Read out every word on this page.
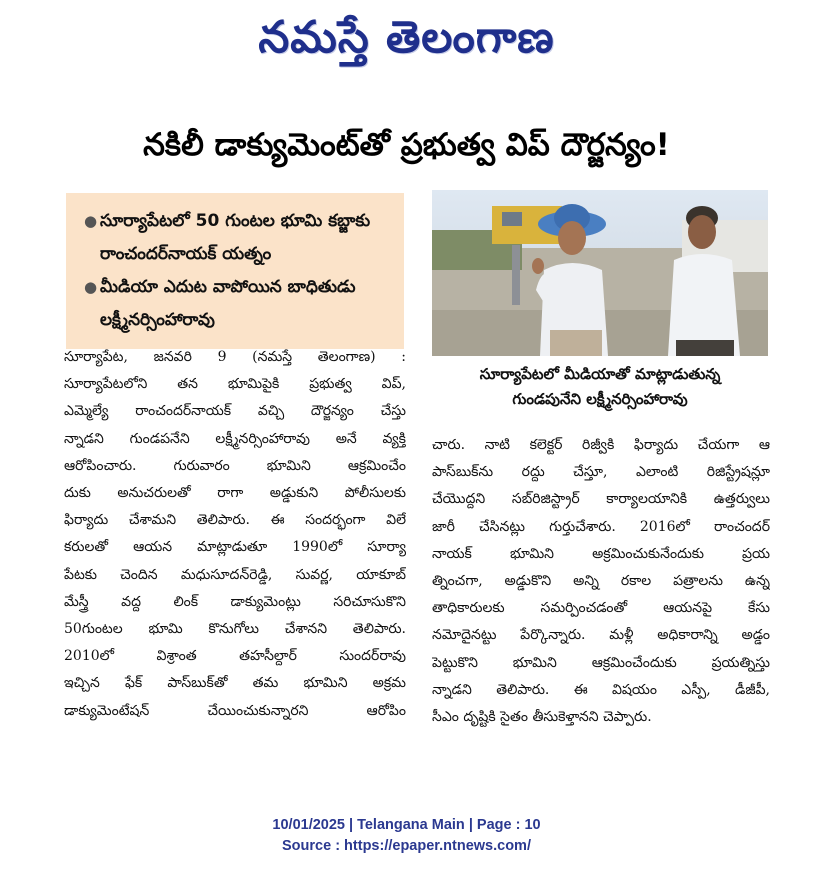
నమస్తే తెలంగాణ
నకిలీ డాక్యుమెంట్‌తో ప్రభుత్వ విప్ దౌర్జన్యం!
● సూర్యాపేటలో 50 గుంటల భూమి కబ్జాకు రాంచందర్‌నాయక్ యత్నం
● మీడియా ఎదుట వాపోయిన బాధితుడు లక్ష్మీనర్సింహారావు
సూర్యాపేటలో మీడియాతో మాట్లాడుతున్న
గుండపునేని లక్ష్మీనర్సింహారావు
సూర్యాపేట, జనవరి 9 (నమస్తే తెలంగాణ) :
సూర్యాపేటలోని తన భూమిపైకి ప్రభుత్వ విప్,
ఎమ్మెల్యే రాంచందర్‌నాయక్ వచ్చి దౌర్జన్యం చేస్తు
న్నాడని గుండపనేని లక్ష్మీనర్సింహారావు అనే వ్యక్తి
ఆరోపించారు. గురువారం భూమిని ఆక్రమించేం
దుకు అనుచరులతో రాగా అడ్డుకుని పోలీసులకు
ఫిర్యాదు చేశామని తెలిపారు. ఈ సందర్భంగా విలే
కరులతో ఆయన మాట్లాడుతూ 1990లో సూర్యా
పేటకు చెందిన మధుసూదన్‌రెడ్డి, సువర్ణ, యాకూబ్
మేస్త్రీ వద్ద లింక్ డాక్యుమెంట్లు సరిచూసుకొని
50గుంటల భూమి కొనుగోలు చేశానని తెలిపారు.
2010లో విశ్రాంత తహసీల్దార్ సుందర్‌రావు
ఇచ్చిన ఫేక్ పాస్‌బుక్‌తో తమ భూమిని అక్రమ
డాక్యుమెంటేషన్ చేయించుకున్నారని ఆరోపిం
చారు. నాటి కలెక్టర్ రిజ్వీకి ఫిర్యాదు చేయగా ఆ
పాస్‌బుక్‌ను రద్దు చేస్తూ, ఎలాంటి రిజిస్ట్రేషన్లూ
చేయొద్దని సబ్‌రిజిస్ట్రార్ కార్యాలయానికి ఉత్తర్వులు
జారీ చేసినట్లు గుర్తుచేశారు. 2016లో రాంచందర్
నాయక్ భూమిని అక్రమించుకునేందుకు ప్రయ
త్నించగా, అడ్డుకొని అన్ని రకాల పత్రాలను ఉన్న
తాధికారులకు సమర్పించడంతో ఆయనపై కేసు
నమోదైనట్టు పేర్కొన్నారు. మళ్లీ అధికారాన్ని అడ్డం
పెట్టుకొని భూమిని ఆక్రమించేందుకు ప్రయత్నిస్తు
న్నాడని తెలిపారు. ఈ విషయం ఎస్పీ, డీజీపీ,
సీఎం దృష్టికి సైతం తీసుకెళ్తానని చెప్పారు.
10/01/2025 | Telangana Main | Page : 10
Source : https://epaper.ntnews.com/
